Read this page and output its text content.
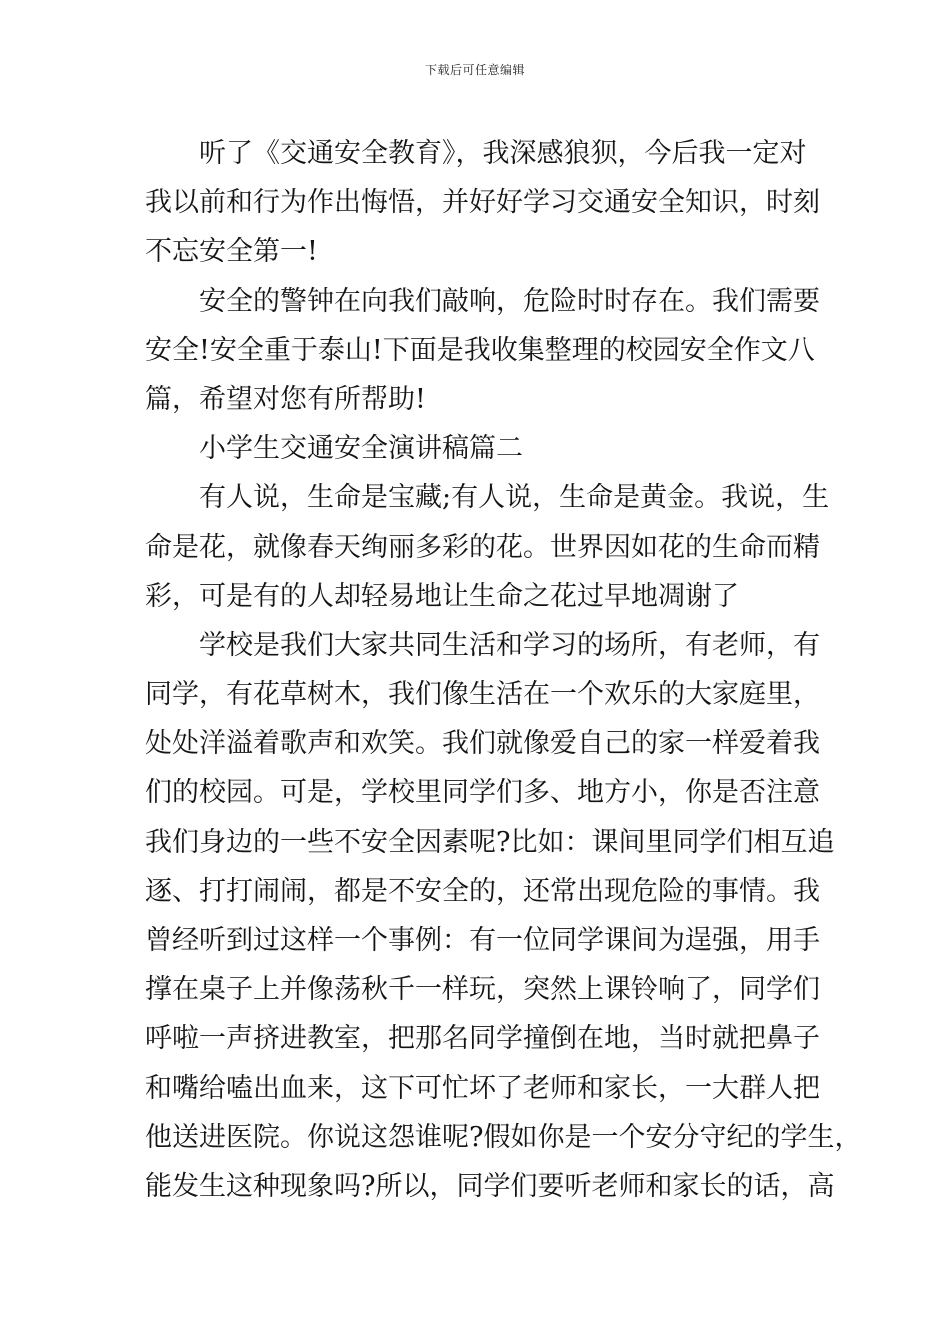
下载后可任意编辑
听了《交通安全教育》，我深感狼狈，今后我一定对
我以前和行为作出悔悟，并好好学习交通安全知识，时刻
不忘安全第一!
安全的警钟在向我们敲响，危险时时存在。我们需要
安全!安全重于泰山!下面是我收集整理的校园安全作文八
篇，希望对您有所帮助!
小学生交通安全演讲稿篇二
有人说，生命是宝藏;有人说，生命是黄金。我说，生
命是花，就像春天绚丽多彩的花。世界因如花的生命而精
彩，可是有的人却轻易地让生命之花过早地凋谢了
学校是我们大家共同生活和学习的场所，有老师，有
同学，有花草树木，我们像生活在一个欢乐的大家庭里，
处处洋溢着歌声和欢笑。我们就像爱自己的家一样爱着我
们的校园。可是，学校里同学们多、地方小，你是否注意
我们身边的一些不安全因素呢?比如：课间里同学们相互追
逐、打打闹闹，都是不安全的，还常出现危险的事情。我
曾经听到过这样一个事例：有一位同学课间为逞强，用手
撑在桌子上并像荡秋千一样玩，突然上课铃响了，同学们
呼啦一声挤进教室，把那名同学撞倒在地，当时就把鼻子
和嘴给嗑出血来，这下可忙坏了老师和家长，一大群人把
他送进医院。你说这怨谁呢?假如你是一个安分守纪的学生，
能发生这种现象吗?所以，同学们要听老师和家长的话，高
